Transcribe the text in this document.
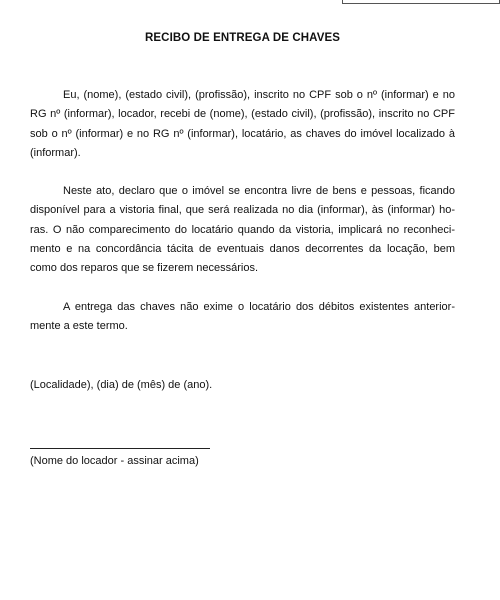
RECIBO DE ENTREGA DE CHAVES

Eu, (nome), (estado civil), (profissão), inscrito no CPF sob o nº (informar) e no RG nº (informar), locador, recebi de (nome), (estado civil), (profissão), inscrito no CPF sob o nº (informar) e no RG nº (informar), locatário, as chaves do imóvel localizado à (informar).

Neste ato, declaro que o imóvel se encontra livre de bens e pessoas, ficando disponível para a vistoria final, que será realizada no dia (informar), às (informar) horas. O não comparecimento do locatário quando da vistoria, implicará no reconhecimento e na concordância tácita de eventuais danos decorrentes da locação, bem como dos reparos que se fizerem necessários.

A entrega das chaves não exime o locatário dos débitos existentes anteriormente a este termo.

(Localidade), (dia) de (mês) de (ano).
(Nome do locador - assinar acima)
